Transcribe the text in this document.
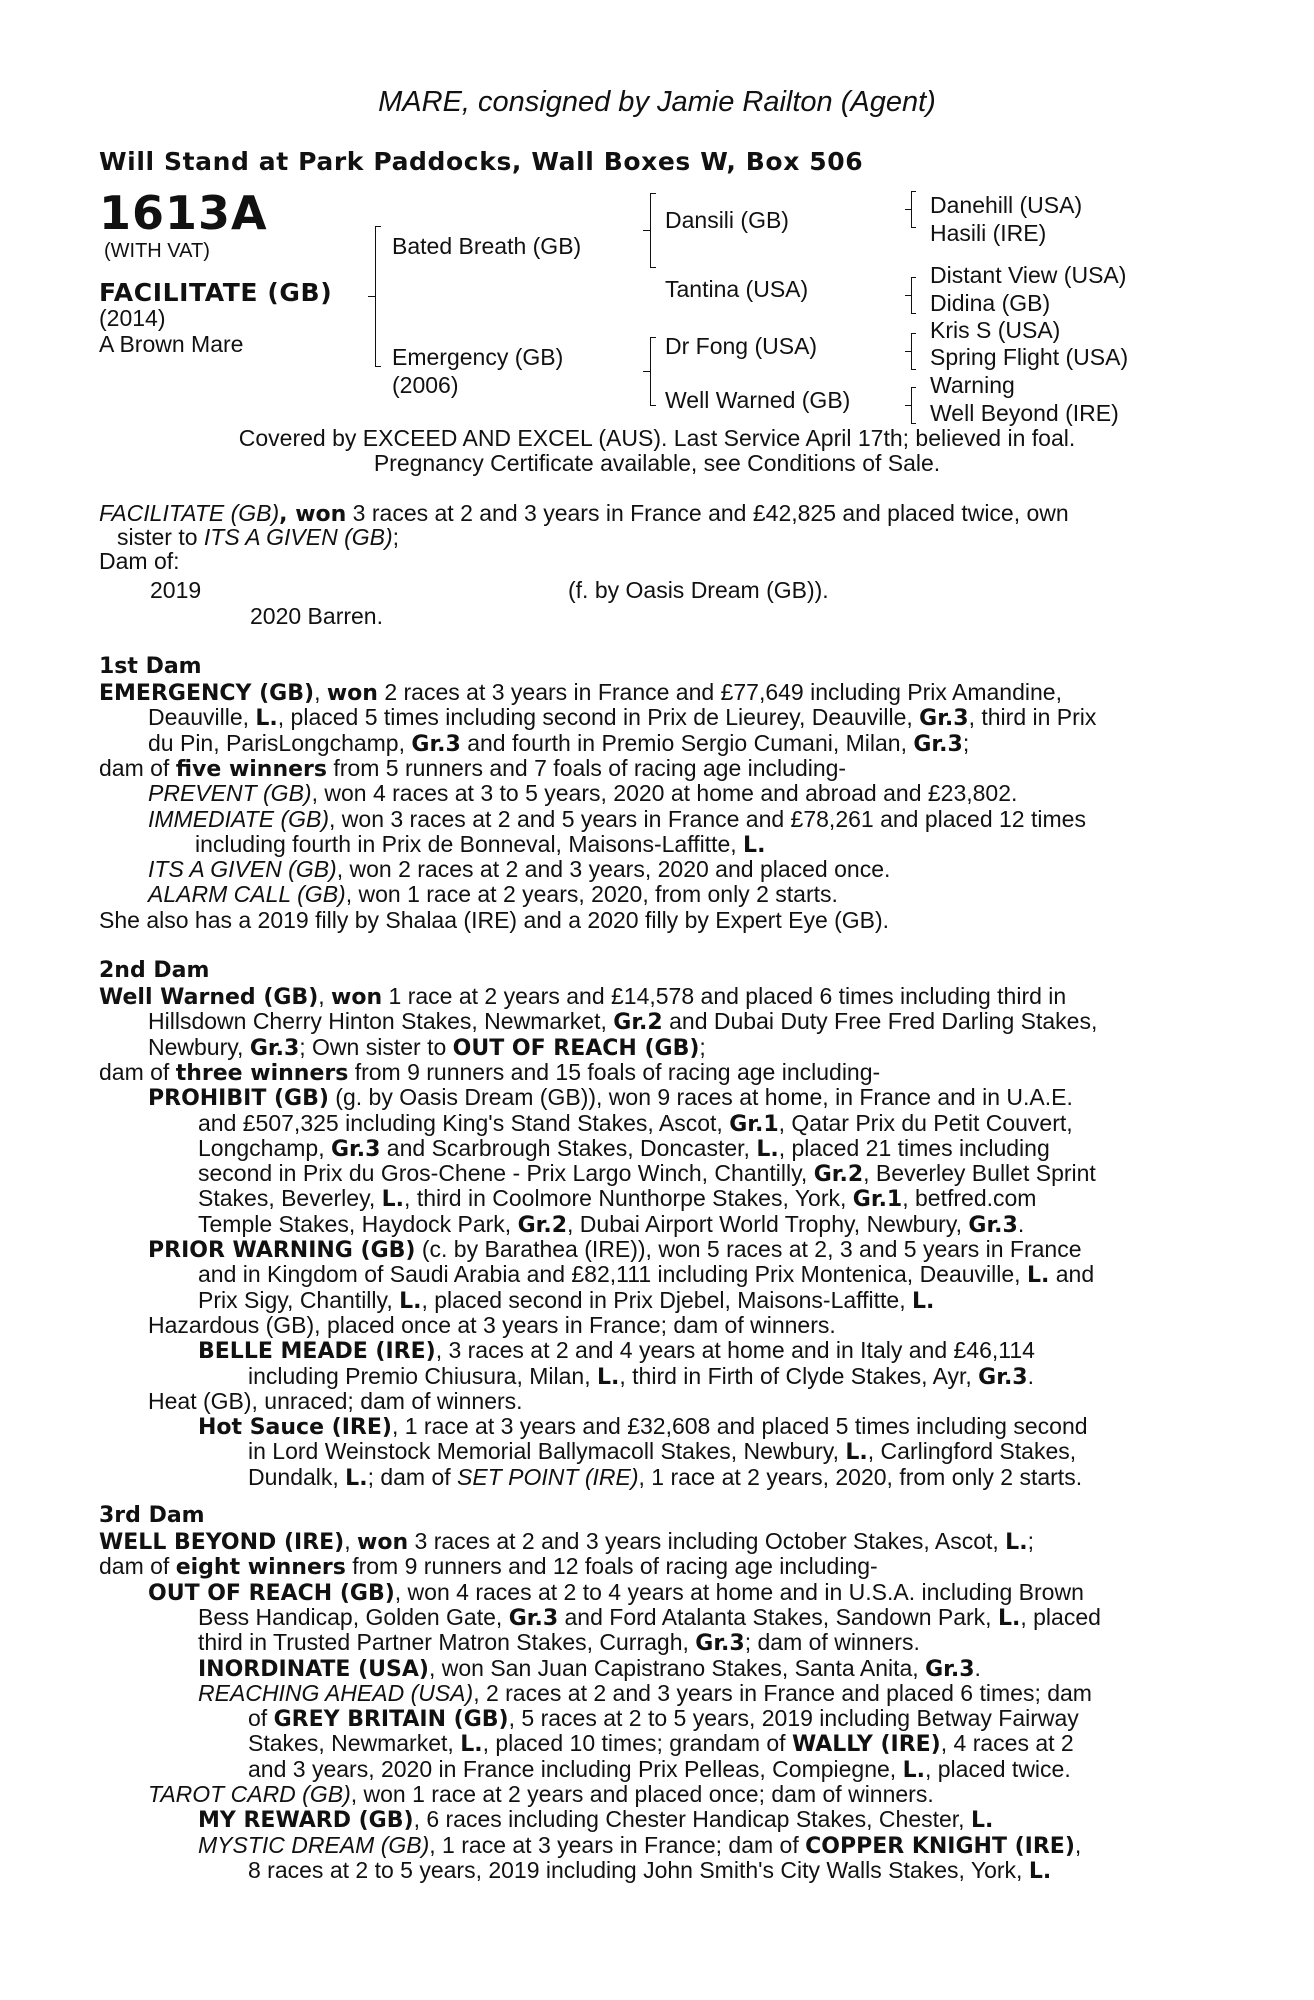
MARE, consigned by Jamie Railton (Agent)
Will Stand at Park Paddocks, Wall Boxes W, Box 506
1613A
(WITH VAT)
FACILITATE (GB)
(2014)
A Brown Mare
Bated Breath (GB)
Emergency (GB)
(2006)
Dansili (GB)
Tantina (USA)
Dr Fong (USA)
Well Warned (GB)
Danehill (USA)
Hasili (IRE)
Distant View (USA)
Didina (GB)
Kris S (USA)
Spring Flight (USA)
Warning
Well Beyond (IRE)
Covered by EXCEED AND EXCEL (AUS). Last Service April 17th; believed in foal.
Pregnancy Certificate available, see Conditions of Sale.
FACILITATE (GB), won 3 races at 2 and 3 years in France and £42,825 and placed twice, own
sister to ITS A GIVEN (GB);
Dam of:
2019	(f. by Oasis Dream (GB)).
2020 Barren.
1st Dam
EMERGENCY (GB), won 2 races at 3 years in France and £77,649 including Prix Amandine,
Deauville, L., placed 5 times including second in Prix de Lieurey, Deauville, Gr.3, third in Prix
du Pin, ParisLongchamp, Gr.3 and fourth in Premio Sergio Cumani, Milan, Gr.3;
dam of five winners from 5 runners and 7 foals of racing age including-
PREVENT (GB), won 4 races at 3 to 5 years, 2020 at home and abroad and £23,802.
IMMEDIATE (GB), won 3 races at 2 and 5 years in France and £78,261 and placed 12 times
including fourth in Prix de Bonneval, Maisons-Laffitte, L.
ITS A GIVEN (GB), won 2 races at 2 and 3 years, 2020 and placed once.
ALARM CALL (GB), won 1 race at 2 years, 2020, from only 2 starts.
She also has a 2019 filly by Shalaa (IRE) and a 2020 filly by Expert Eye (GB).
2nd Dam
Well Warned (GB), won 1 race at 2 years and £14,578 and placed 6 times including third in
Hillsdown Cherry Hinton Stakes, Newmarket, Gr.2 and Dubai Duty Free Fred Darling Stakes,
Newbury, Gr.3; Own sister to OUT OF REACH (GB);
dam of three winners from 9 runners and 15 foals of racing age including-
PROHIBIT (GB) (g. by Oasis Dream (GB)), won 9 races at home, in France and in U.A.E.
and £507,325 including King's Stand Stakes, Ascot, Gr.1, Qatar Prix du Petit Couvert,
Longchamp, Gr.3 and Scarbrough Stakes, Doncaster, L., placed 21 times including
second in Prix du Gros-Chene - Prix Largo Winch, Chantilly, Gr.2, Beverley Bullet Sprint
Stakes, Beverley, L., third in Coolmore Nunthorpe Stakes, York, Gr.1, betfred.com
Temple Stakes, Haydock Park, Gr.2, Dubai Airport World Trophy, Newbury, Gr.3.
PRIOR WARNING (GB) (c. by Barathea (IRE)), won 5 races at 2, 3 and 5 years in France
and in Kingdom of Saudi Arabia and £82,111 including Prix Montenica, Deauville, L. and
Prix Sigy, Chantilly, L., placed second in Prix Djebel, Maisons-Laffitte, L.
Hazardous (GB), placed once at 3 years in France; dam of winners.
BELLE MEADE (IRE), 3 races at 2 and 4 years at home and in Italy and £46,114
including Premio Chiusura, Milan, L., third in Firth of Clyde Stakes, Ayr, Gr.3.
Heat (GB), unraced; dam of winners.
Hot Sauce (IRE), 1 race at 3 years and £32,608 and placed 5 times including second
in Lord Weinstock Memorial Ballymacoll Stakes, Newbury, L., Carlingford Stakes,
Dundalk, L.; dam of SET POINT (IRE), 1 race at 2 years, 2020, from only 2 starts.
3rd Dam
WELL BEYOND (IRE), won 3 races at 2 and 3 years including October Stakes, Ascot, L.;
dam of eight winners from 9 runners and 12 foals of racing age including-
OUT OF REACH (GB), won 4 races at 2 to 4 years at home and in U.S.A. including Brown
Bess Handicap, Golden Gate, Gr.3 and Ford Atalanta Stakes, Sandown Park, L., placed
third in Trusted Partner Matron Stakes, Curragh, Gr.3; dam of winners.
INORDINATE (USA), won San Juan Capistrano Stakes, Santa Anita, Gr.3.
REACHING AHEAD (USA), 2 races at 2 and 3 years in France and placed 6 times; dam
of GREY BRITAIN (GB), 5 races at 2 to 5 years, 2019 including Betway Fairway
Stakes, Newmarket, L., placed 10 times; grandam of WALLY (IRE), 4 races at 2
and 3 years, 2020 in France including Prix Pelleas, Compiegne, L., placed twice.
TAROT CARD (GB), won 1 race at 2 years and placed once; dam of winners.
MY REWARD (GB), 6 races including Chester Handicap Stakes, Chester, L.
MYSTIC DREAM (GB), 1 race at 3 years in France; dam of COPPER KNIGHT (IRE),
8 races at 2 to 5 years, 2019 including John Smith's City Walls Stakes, York, L.
